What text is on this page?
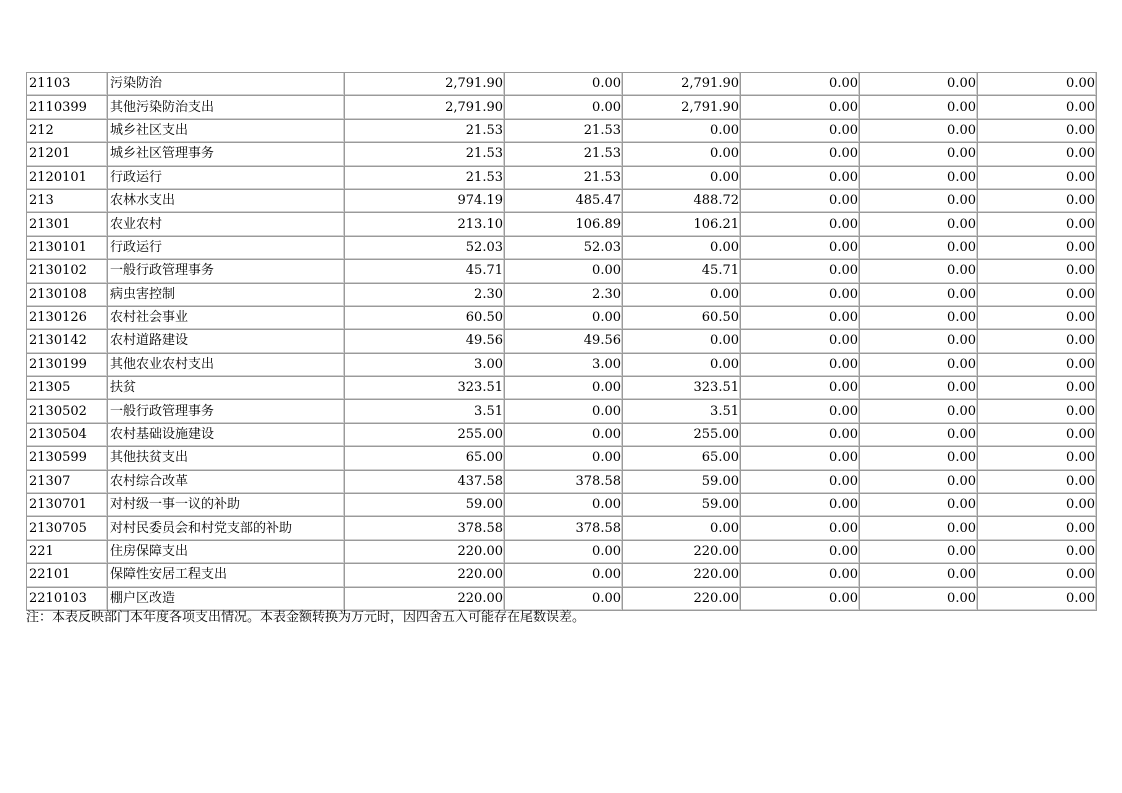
21103	污染防治	2,791.90	0.00	2,791.90	0.00	0.00	0.00
2110399	其他污染防治支出	2,791.90	0.00	2,791.90	0.00	0.00	0.00
212	城乡社区支出	21.53	21.53	0.00	0.00	0.00	0.00
21201	城乡社区管理事务	21.53	21.53	0.00	0.00	0.00	0.00
2120101	行政运行	21.53	21.53	0.00	0.00	0.00	0.00
213	农林水支出	974.19	485.47	488.72	0.00	0.00	0.00
21301	农业农村	213.10	106.89	106.21	0.00	0.00	0.00
2130101	行政运行	52.03	52.03	0.00	0.00	0.00	0.00
2130102	一般行政管理事务	45.71	0.00	45.71	0.00	0.00	0.00
2130108	病虫害控制	2.30	2.30	0.00	0.00	0.00	0.00
2130126	农村社会事业	60.50	0.00	60.50	0.00	0.00	0.00
2130142	农村道路建设	49.56	49.56	0.00	0.00	0.00	0.00
2130199	其他农业农村支出	3.00	3.00	0.00	0.00	0.00	0.00
21305	扶贫	323.51	0.00	323.51	0.00	0.00	0.00
2130502	一般行政管理事务	3.51	0.00	3.51	0.00	0.00	0.00
2130504	农村基础设施建设	255.00	0.00	255.00	0.00	0.00	0.00
2130599	其他扶贫支出	65.00	0.00	65.00	0.00	0.00	0.00
21307	农村综合改革	437.58	378.58	59.00	0.00	0.00	0.00
2130701	对村级一事一议的补助	59.00	0.00	59.00	0.00	0.00	0.00
2130705	对村民委员会和村党支部的补助	378.58	378.58	0.00	0.00	0.00	0.00
221	住房保障支出	220.00	0.00	220.00	0.00	0.00	0.00
22101	保障性安居工程支出	220.00	0.00	220.00	0.00	0.00	0.00
2210103	棚户区改造	220.00	0.00	220.00	0.00	0.00	0.00
注：本表反映部门本年度各项支出情况。本表金额转换为万元时，因四舍五入可能存在尾数误差。
